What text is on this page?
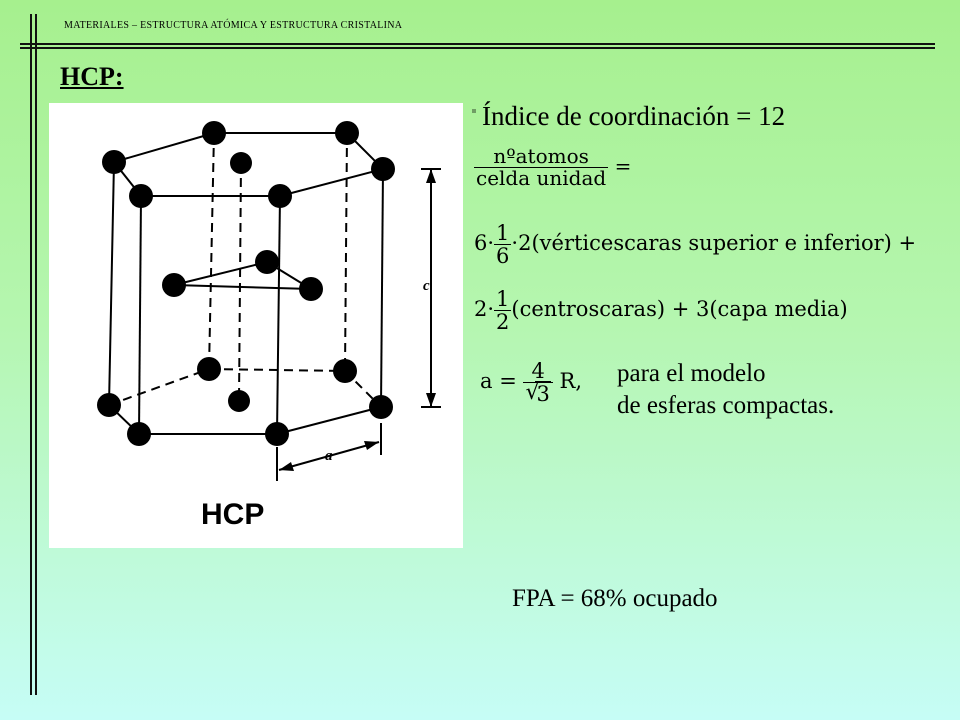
MATERIALES – ESTRUCTURA ATÓMICA Y ESTRUCTURA CRISTALINA
HCP:
c
a
HCP
Índice de coordinación = 12
$\frac{\text{nºatomos}}{\text{celda unidad}}$ =
$6\cdot \frac{1}{6}$ ·2(vérticescaras superior e inferior) +
$2\cdot \frac{1}{2}$ (centroscaras) + 3(capa media)
a = 4
√
3 R, para el modelo
de esferas compactas.
FPA = 68% ocupado
